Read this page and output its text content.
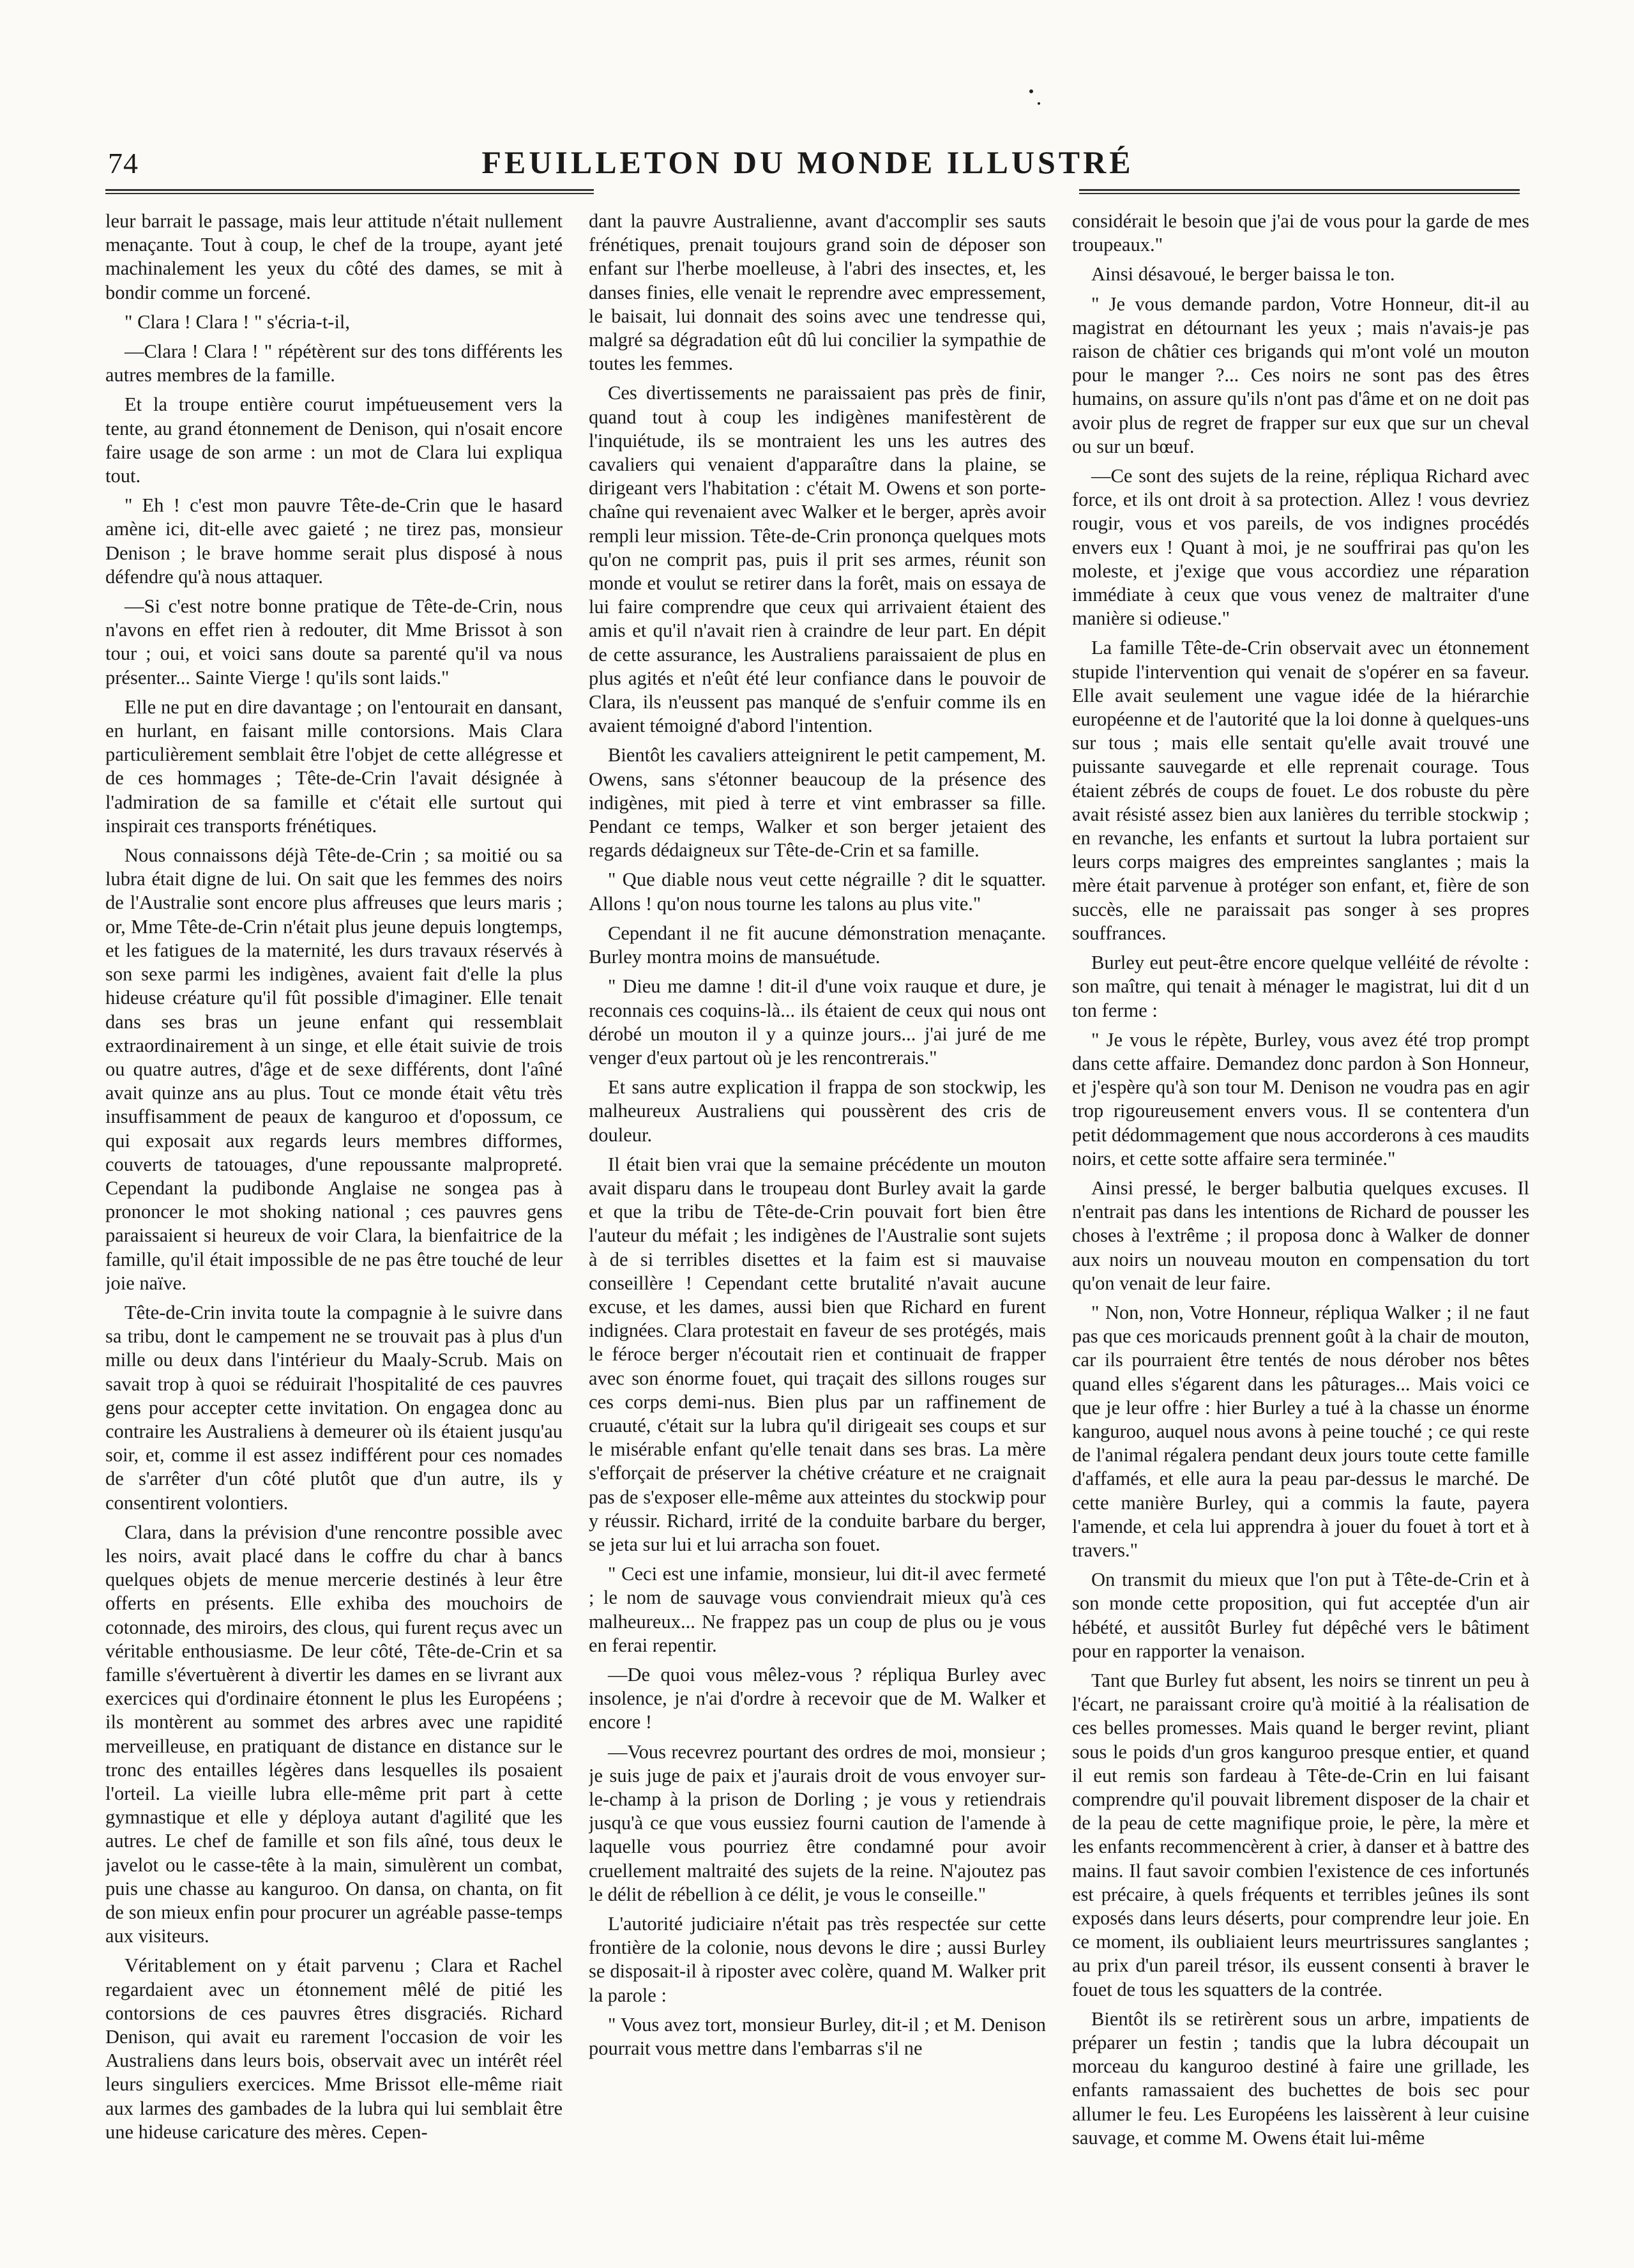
74	FEUILLETON DU MONDE ILLUSTRÉ

leur barrait le passage, mais leur attitude n'était nullement menaçante. Tout à coup, le chef de la troupe, ayant jeté machinalement les yeux du côté des dames, se mit à bondir comme un forcené.

" Clara ! Clara ! " s'écria-t-il,

—Clara ! Clara ! " répétèrent sur des tons différents les autres membres de la famille.

Et la troupe entière courut impétueusement vers la tente, au grand étonnement de Denison, qui n'osait encore faire usage de son arme : un mot de Clara lui expliqua tout.

" Eh ! c'est mon pauvre Tête-de-Crin que le hasard amène ici, dit-elle avec gaieté ; ne tirez pas, monsieur Denison ; le brave homme serait plus disposé à nous défendre qu'à nous attaquer.

—Si c'est notre bonne pratique de Tête-de-Crin, nous n'avons en effet rien à redouter, dit Mme Brissot à son tour ; oui, et voici sans doute sa parenté qu'il va nous présenter... Sainte Vierge ! qu'ils sont laids."

Elle ne put en dire davantage ; on l'entourait en dansant, en hurlant, en faisant mille contorsions. Mais Clara particulièrement semblait être l'objet de cette allégresse et de ces hommages ; Tête-de-Crin l'avait désignée à l'admiration de sa famille et c'était elle surtout qui inspirait ces transports frénétiques.

Nous connaissons déjà Tête-de-Crin ; sa moitié ou sa lubra était digne de lui. On sait que les femmes des noirs de l'Australie sont encore plus affreuses que leurs maris ; or, Mme Tête-de-Crin n'était plus jeune depuis longtemps, et les fatigues de la maternité, les durs travaux réservés à son sexe parmi les indigènes, avaient fait d'elle la plus hideuse créature qu'il fût possible d'imaginer. Elle tenait dans ses bras un jeune enfant qui ressemblait extraordinairement à un singe, et elle était suivie de trois ou quatre autres, d'âge et de sexe différents, dont l'aîné avait quinze ans au plus. Tout ce monde était vêtu très insuffisamment de peaux de kanguroo et d'opossum, ce qui exposait aux regards leurs membres difformes, couverts de tatouages, d'une repoussante malpropreté. Cependant la pudibonde Anglaise ne songea pas à prononcer le mot shoking national ; ces pauvres gens paraissaient si heureux de voir Clara, la bienfaitrice de la famille, qu'il était impossible de ne pas être touché de leur joie naïve.

Tête-de-Crin invita toute la compagnie à le suivre dans sa tribu, dont le campement ne se trouvait pas à plus d'un mille ou deux dans l'intérieur du Maaly-Scrub. Mais on savait trop à quoi se réduirait l'hospitalité de ces pauvres gens pour accepter cette invitation. On engagea donc au contraire les Australiens à demeurer où ils étaient jusqu'au soir, et, comme il est assez indifférent pour ces nomades de s'arrêter d'un côté plutôt que d'un autre, ils y consentirent volontiers.

Clara, dans la prévision d'une rencontre possible avec les noirs, avait placé dans le coffre du char à bancs quelques objets de menue mercerie destinés à leur être offerts en présents. Elle exhiba des mouchoirs de cotonnade, des miroirs, des clous, qui furent reçus avec un véritable enthousiasme. De leur côté, Tête-de-Crin et sa famille s'évertuèrent à divertir les dames en se livrant aux exercices qui d'ordinaire étonnent le plus les Européens ; ils montèrent au sommet des arbres avec une rapidité merveilleuse, en pratiquant de distance en distance sur le tronc des entailles légères dans lesquelles ils posaient l'orteil. La vieille lubra elle-même prit part à cette gymnastique et elle y déploya autant d'agilité que les autres. Le chef de famille et son fils aîné, tous deux le javelot ou le casse-tête à la main, simulèrent un combat, puis une chasse au kanguroo. On dansa, on chanta, on fit de son mieux enfin pour procurer un agréable passe-temps aux visiteurs.

Véritablement on y était parvenu ; Clara et Rachel regardaient avec un étonnement mêlé de pitié les contorsions de ces pauvres êtres disgraciés. Richard Denison, qui avait eu rarement l'occasion de voir les Australiens dans leurs bois, observait avec un intérêt réel leurs singuliers exercices. Mme Brissot elle-même riait aux larmes des gambades de la lubra qui lui semblait être une hideuse caricature des mères. Cepen-

dant la pauvre Australienne, avant d'accomplir ses sauts frénétiques, prenait toujours grand soin de déposer son enfant sur l'herbe moelleuse, à l'abri des insectes, et, les danses finies, elle venait le reprendre avec empressement, le baisait, lui donnait des soins avec une tendresse qui, malgré sa dégradation eût dû lui concilier la sympathie de toutes les femmes.

Ces divertissements ne paraissaient pas près de finir, quand tout à coup les indigènes manifestèrent de l'inquiétude, ils se montraient les uns les autres des cavaliers qui venaient d'apparaître dans la plaine, se dirigeant vers l'habitation : c'était M. Owens et son porte-chaîne qui revenaient avec Walker et le berger, après avoir rempli leur mission. Tête-de-Crin prononça quelques mots qu'on ne comprit pas, puis il prit ses armes, réunit son monde et voulut se retirer dans la forêt, mais on essaya de lui faire comprendre que ceux qui arrivaient étaient des amis et qu'il n'avait rien à craindre de leur part. En dépit de cette assurance, les Australiens paraissaient de plus en plus agités et n'eût été leur confiance dans le pouvoir de Clara, ils n'eussent pas manqué de s'enfuir comme ils en avaient témoigné d'abord l'intention.

Bientôt les cavaliers atteignirent le petit campement, M. Owens, sans s'étonner beaucoup de la présence des indigènes, mit pied à terre et vint embrasser sa fille. Pendant ce temps, Walker et son berger jetaient des regards dédaigneux sur Tête-de-Crin et sa famille.

" Que diable nous veut cette négraille ? dit le squatter. Allons ! qu'on nous tourne les talons au plus vite."

Cependant il ne fit aucune démonstration menaçante. Burley montra moins de mansuétude.

" Dieu me damne ! dit-il d'une voix rauque et dure, je reconnais ces coquins-là... ils étaient de ceux qui nous ont dérobé un mouton il y a quinze jours... j'ai juré de me venger d'eux partout où je les rencontrerais."

Et sans autre explication il frappa de son stockwip, les malheureux Australiens qui poussèrent des cris de douleur.

Il était bien vrai que la semaine précédente un mouton avait disparu dans le troupeau dont Burley avait la garde et que la tribu de Tête-de-Crin pouvait fort bien être l'auteur du méfait ; les indigènes de l'Australie sont sujets à de si terribles disettes et la faim est si mauvaise conseillère ! Cependant cette brutalité n'avait aucune excuse, et les dames, aussi bien que Richard en furent indignées. Clara protestait en faveur de ses protégés, mais le féroce berger n'écoutait rien et continuait de frapper avec son énorme fouet, qui traçait des sillons rouges sur ces corps demi-nus. Bien plus par un raffinement de cruauté, c'était sur la lubra qu'il dirigeait ses coups et sur le misérable enfant qu'elle tenait dans ses bras. La mère s'efforçait de préserver la chétive créature et ne craignait pas de s'exposer elle-même aux atteintes du stockwip pour y réussir. Richard, irrité de la conduite barbare du berger, se jeta sur lui et lui arracha son fouet.

" Ceci est une infamie, monsieur, lui dit-il avec fermeté ; le nom de sauvage vous conviendrait mieux qu'à ces malheureux... Ne frappez pas un coup de plus ou je vous en ferai repentir.

—De quoi vous mêlez-vous ? répliqua Burley avec insolence, je n'ai d'ordre à recevoir que de M. Walker et encore !

—Vous recevrez pourtant des ordres de moi, monsieur ; je suis juge de paix et j'aurais droit de vous envoyer sur-le-champ à la prison de Dorling ; je vous y retiendrais jusqu'à ce que vous eussiez fourni caution de l'amende à laquelle vous pourriez être condamné pour avoir cruellement maltraité des sujets de la reine. N'ajoutez pas le délit de rébellion à ce délit, je vous le conseille."

L'autorité judiciaire n'était pas très respectée sur cette frontière de la colonie, nous devons le dire ; aussi Burley se disposait-il à riposter avec colère, quand M. Walker prit la parole :

" Vous avez tort, monsieur Burley, dit-il ; et M. Denison pourrait vous mettre dans l'embarras s'il ne

considérait le besoin que j'ai de vous pour la garde de mes troupeaux."

Ainsi désavoué, le berger baissa le ton.

" Je vous demande pardon, Votre Honneur, dit-il au magistrat en détournant les yeux ; mais n'avais-je pas raison de châtier ces brigands qui m'ont volé un mouton pour le manger ?... Ces noirs ne sont pas des êtres humains, on assure qu'ils n'ont pas d'âme et on ne doit pas avoir plus de regret de frapper sur eux que sur un cheval ou sur un bœuf.

—Ce sont des sujets de la reine, répliqua Richard avec force, et ils ont droit à sa protection. Allez ! vous devriez rougir, vous et vos pareils, de vos indignes procédés envers eux ! Quant à moi, je ne souffrirai pas qu'on les moleste, et j'exige que vous accordiez une réparation immédiate à ceux que vous venez de maltraiter d'une manière si odieuse."

La famille Tête-de-Crin observait avec un étonnement stupide l'intervention qui venait de s'opérer en sa faveur. Elle avait seulement une vague idée de la hiérarchie européenne et de l'autorité que la loi donne à quelques-uns sur tous ; mais elle sentait qu'elle avait trouvé une puissante sauvegarde et elle reprenait courage. Tous étaient zébrés de coups de fouet. Le dos robuste du père avait résisté assez bien aux lanières du terrible stockwip ; en revanche, les enfants et surtout la lubra portaient sur leurs corps maigres des empreintes sanglantes ; mais la mère était parvenue à protéger son enfant, et, fière de son succès, elle ne paraissait pas songer à ses propres souffrances.

Burley eut peut-être encore quelque velléité de révolte : son maître, qui tenait à ménager le magistrat, lui dit d un ton ferme :

" Je vous le répète, Burley, vous avez été trop prompt dans cette affaire. Demandez donc pardon à Son Honneur, et j'espère qu'à son tour M. Denison ne voudra pas en agir trop rigoureusement envers vous. Il se contentera d'un petit dédommagement que nous accorderons à ces maudits noirs, et cette sotte affaire sera terminée."

Ainsi pressé, le berger balbutia quelques excuses. Il n'entrait pas dans les intentions de Richard de pousser les choses à l'extrême ; il proposa donc à Walker de donner aux noirs un nouveau mouton en compensation du tort qu'on venait de leur faire.

" Non, non, Votre Honneur, répliqua Walker ; il ne faut pas que ces moricauds prennent goût à la chair de mouton, car ils pourraient être tentés de nous dérober nos bêtes quand elles s'égarent dans les pâturages... Mais voici ce que je leur offre : hier Burley a tué à la chasse un énorme kanguroo, auquel nous avons à peine touché ; ce qui reste de l'animal régalera pendant deux jours toute cette famille d'affamés, et elle aura la peau par-dessus le marché. De cette manière Burley, qui a commis la faute, payera l'amende, et cela lui apprendra à jouer du fouet à tort et à travers."

On transmit du mieux que l'on put à Tête-de-Crin et à son monde cette proposition, qui fut acceptée d'un air hébété, et aussitôt Burley fut dépêché vers le bâtiment pour en rapporter la venaison.

Tant que Burley fut absent, les noirs se tinrent un peu à l'écart, ne paraissant croire qu'à moitié à la réalisation de ces belles promesses. Mais quand le berger revint, pliant sous le poids d'un gros kanguroo presque entier, et quand il eut remis son fardeau à Tête-de-Crin en lui faisant comprendre qu'il pouvait librement disposer de la chair et de la peau de cette magnifique proie, le père, la mère et les enfants recommencèrent à crier, à danser et à battre des mains. Il faut savoir combien l'existence de ces infortunés est précaire, à quels fréquents et terribles jeûnes ils sont exposés dans leurs déserts, pour comprendre leur joie. En ce moment, ils oubliaient leurs meurtrissures sanglantes ; au prix d'un pareil trésor, ils eussent consenti à braver le fouet de tous les squatters de la contrée.

Bientôt ils se retirèrent sous un arbre, impatients de préparer un festin ; tandis que la lubra découpait un morceau du kanguroo destiné à faire une grillade, les enfants ramassaient des buchettes de bois sec pour allumer le feu. Les Européens les laissèrent à leur cuisine sauvage, et comme M. Owens était lui-même
